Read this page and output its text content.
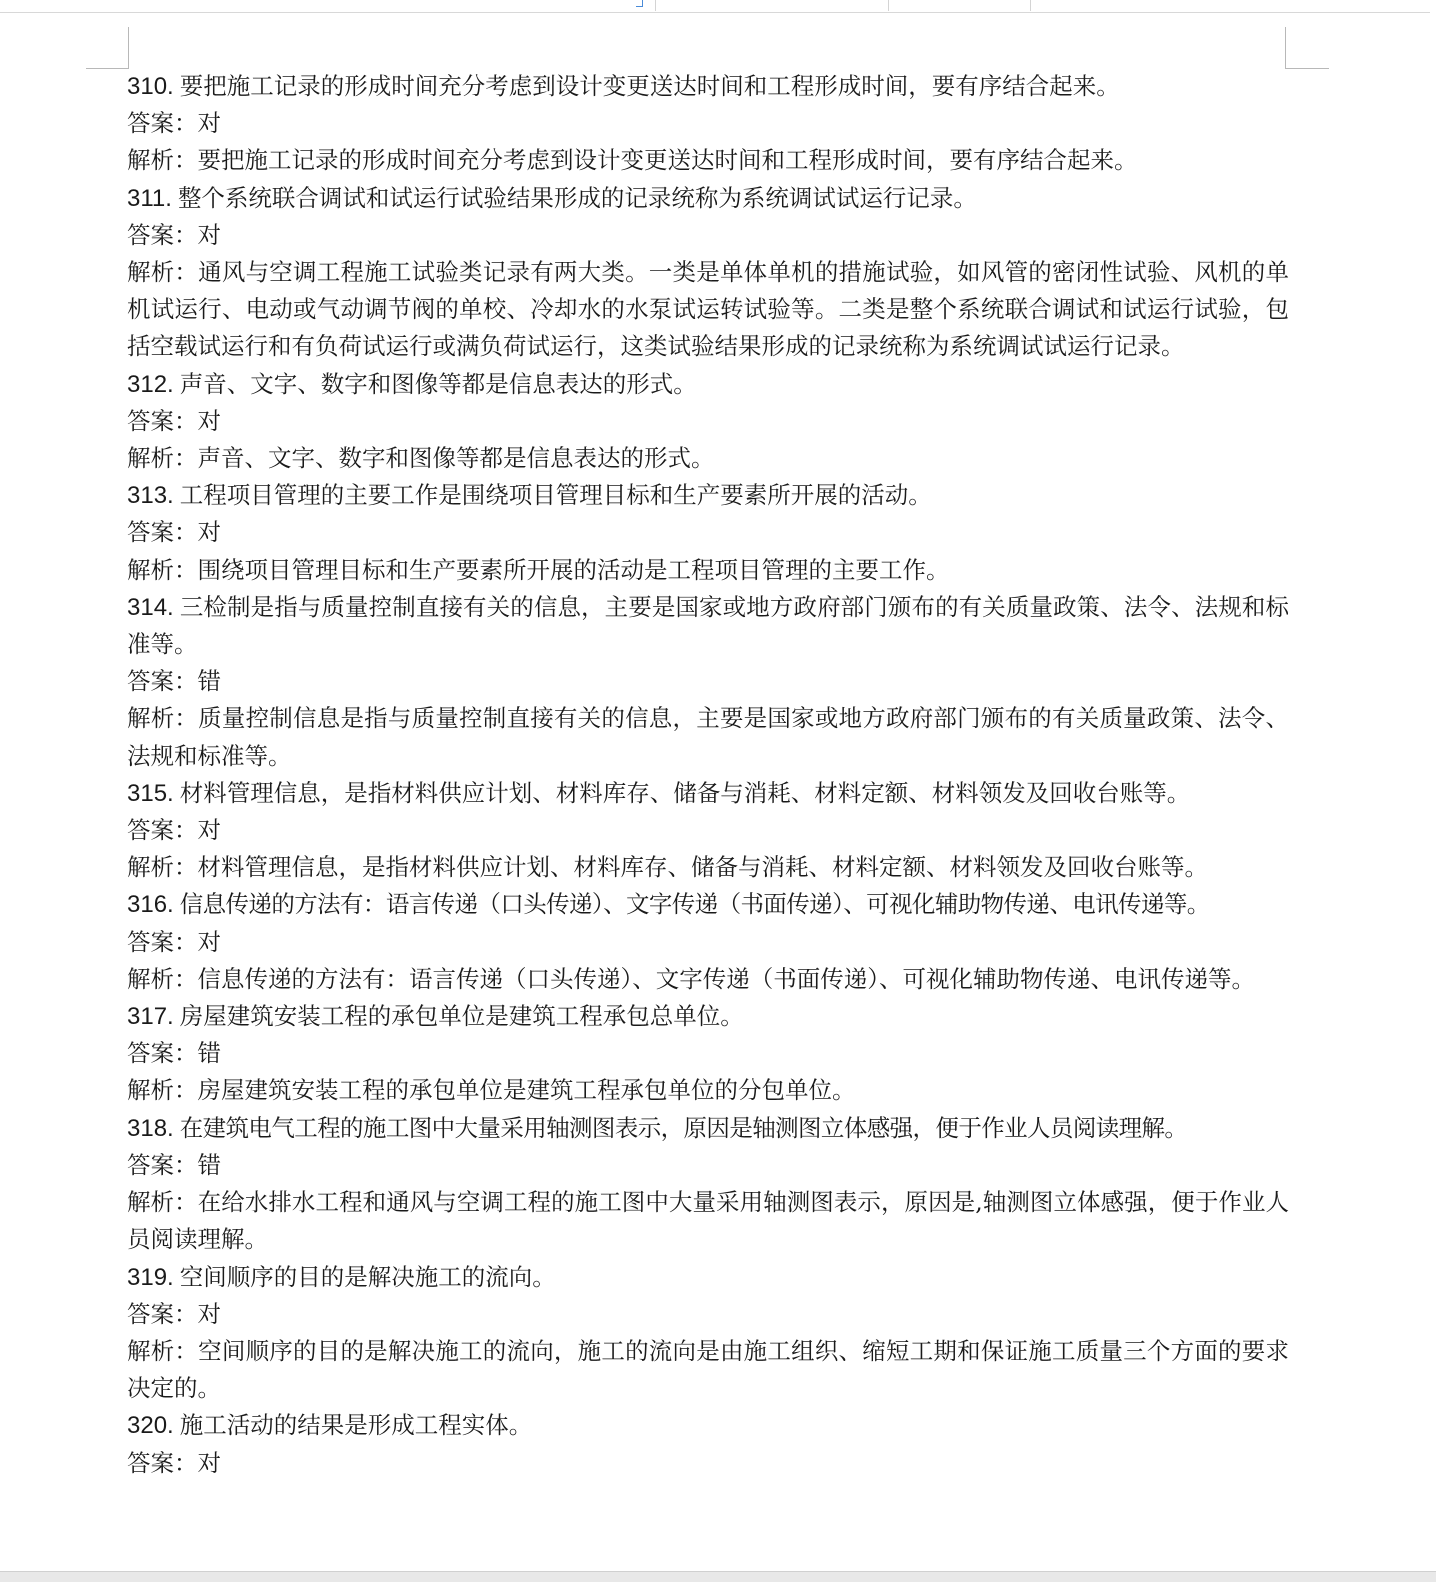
310. 要把施工记录的形成时间充分考虑到设计变更送达时间和工程形成时间，要有序结合起来。

答案：对

解析：要把施工记录的形成时间充分考虑到设计变更送达时间和工程形成时间，要有序结合起来。

311. 整个系统联合调试和试运行试验结果形成的记录统称为系统调试试运行记录。

答案：对

解析：通风与空调工程施工试验类记录有两大类。一类是单体单机的措施试验，如风管的密闭性试验、风机的单机试运行、电动或气动调节阀的单校、冷却水的水泵试运转试验等。二类是整个系统联合调试和试运行试验，包括空载试运行和有负荷试运行或满负荷试运行，这类试验结果形成的记录统称为系统调试试运行记录。

312. 声音、文字、数字和图像等都是信息表达的形式。

答案：对

解析：声音、文字、数字和图像等都是信息表达的形式。

313. 工程项目管理的主要工作是围绕项目管理目标和生产要素所开展的活动。

答案：对

解析：围绕项目管理目标和生产要素所开展的活动是工程项目管理的主要工作。

314. 三检制是指与质量控制直接有关的信息，主要是国家或地方政府部门颁布的有关质量政策、法令、法规和标准等。

答案：错

解析：质量控制信息是指与质量控制直接有关的信息，主要是国家或地方政府部门颁布的有关质量政策、法令、法规和标准等。

315. 材料管理信息，是指材料供应计划、材料库存、储备与消耗、材料定额、材料领发及回收台账等。

答案：对

解析：材料管理信息，是指材料供应计划、材料库存、储备与消耗、材料定额、材料领发及回收台账等。

316. 信息传递的方法有：语言传递（口头传递）、文字传递（书面传递）、可视化辅助物传递、电讯传递等。

答案：对

解析：信息传递的方法有：语言传递（口头传递）、文字传递（书面传递）、可视化辅助物传递、电讯传递等。

317. 房屋建筑安装工程的承包单位是建筑工程承包总单位。

答案：错

解析：房屋建筑安装工程的承包单位是建筑工程承包单位的分包单位。

318. 在建筑电气工程的施工图中大量采用轴测图表示，原因是轴测图立体感强，便于作业人员阅读理解。

答案：错

解析：在给水排水工程和通风与空调工程的施工图中大量采用轴测图表示，原因是,轴测图立体感强，便于作业人员阅读理解。

319. 空间顺序的目的是解决施工的流向。

答案：对

解析：空间顺序的目的是解决施工的流向，施工的流向是由施工组织、缩短工期和保证施工质量三个方面的要求决定的。

320. 施工活动的结果是形成工程实体。

答案：对
